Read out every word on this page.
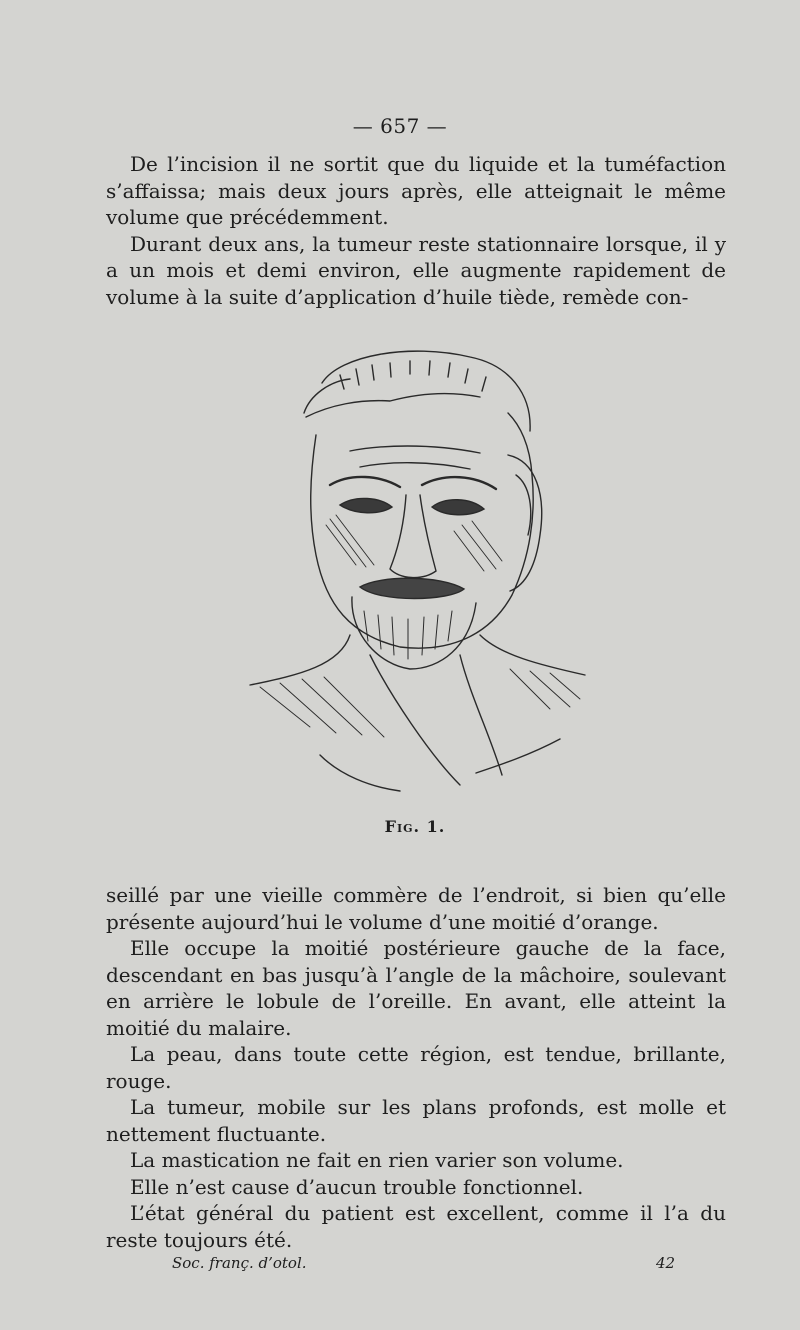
— 657 —

De l’incision il ne sortit que du liquide et la tuméfaction s’affaissa; mais deux jours après, elle atteignait le même volume que précédemment.

Durant deux ans, la tumeur reste stationnaire lorsque, il y a un mois et demi environ, elle augmente rapidement de volume à la suite d’application d’huile tiède, remède con-

Fig. 1.

seillé par une vieille commère de l’endroit, si bien qu’elle présente aujourd’hui le volume d’une moitié d’orange.

Elle occupe la moitié postérieure gauche de la face, descendant en bas jusqu’à l’angle de la mâchoire, soulevant en arrière le lobule de l’oreille. En avant, elle atteint la moitié du malaire.

La peau, dans toute cette région, est tendue, brillante, rouge.

La tumeur, mobile sur les plans profonds, est molle et nettement fluctuante.

La mastication ne fait en rien varier son volume.

Elle n’est cause d’aucun trouble fonctionnel.

L’état général du patient est excellent, comme il l’a du reste toujours été.

Soc. franç. d’otol.	42
